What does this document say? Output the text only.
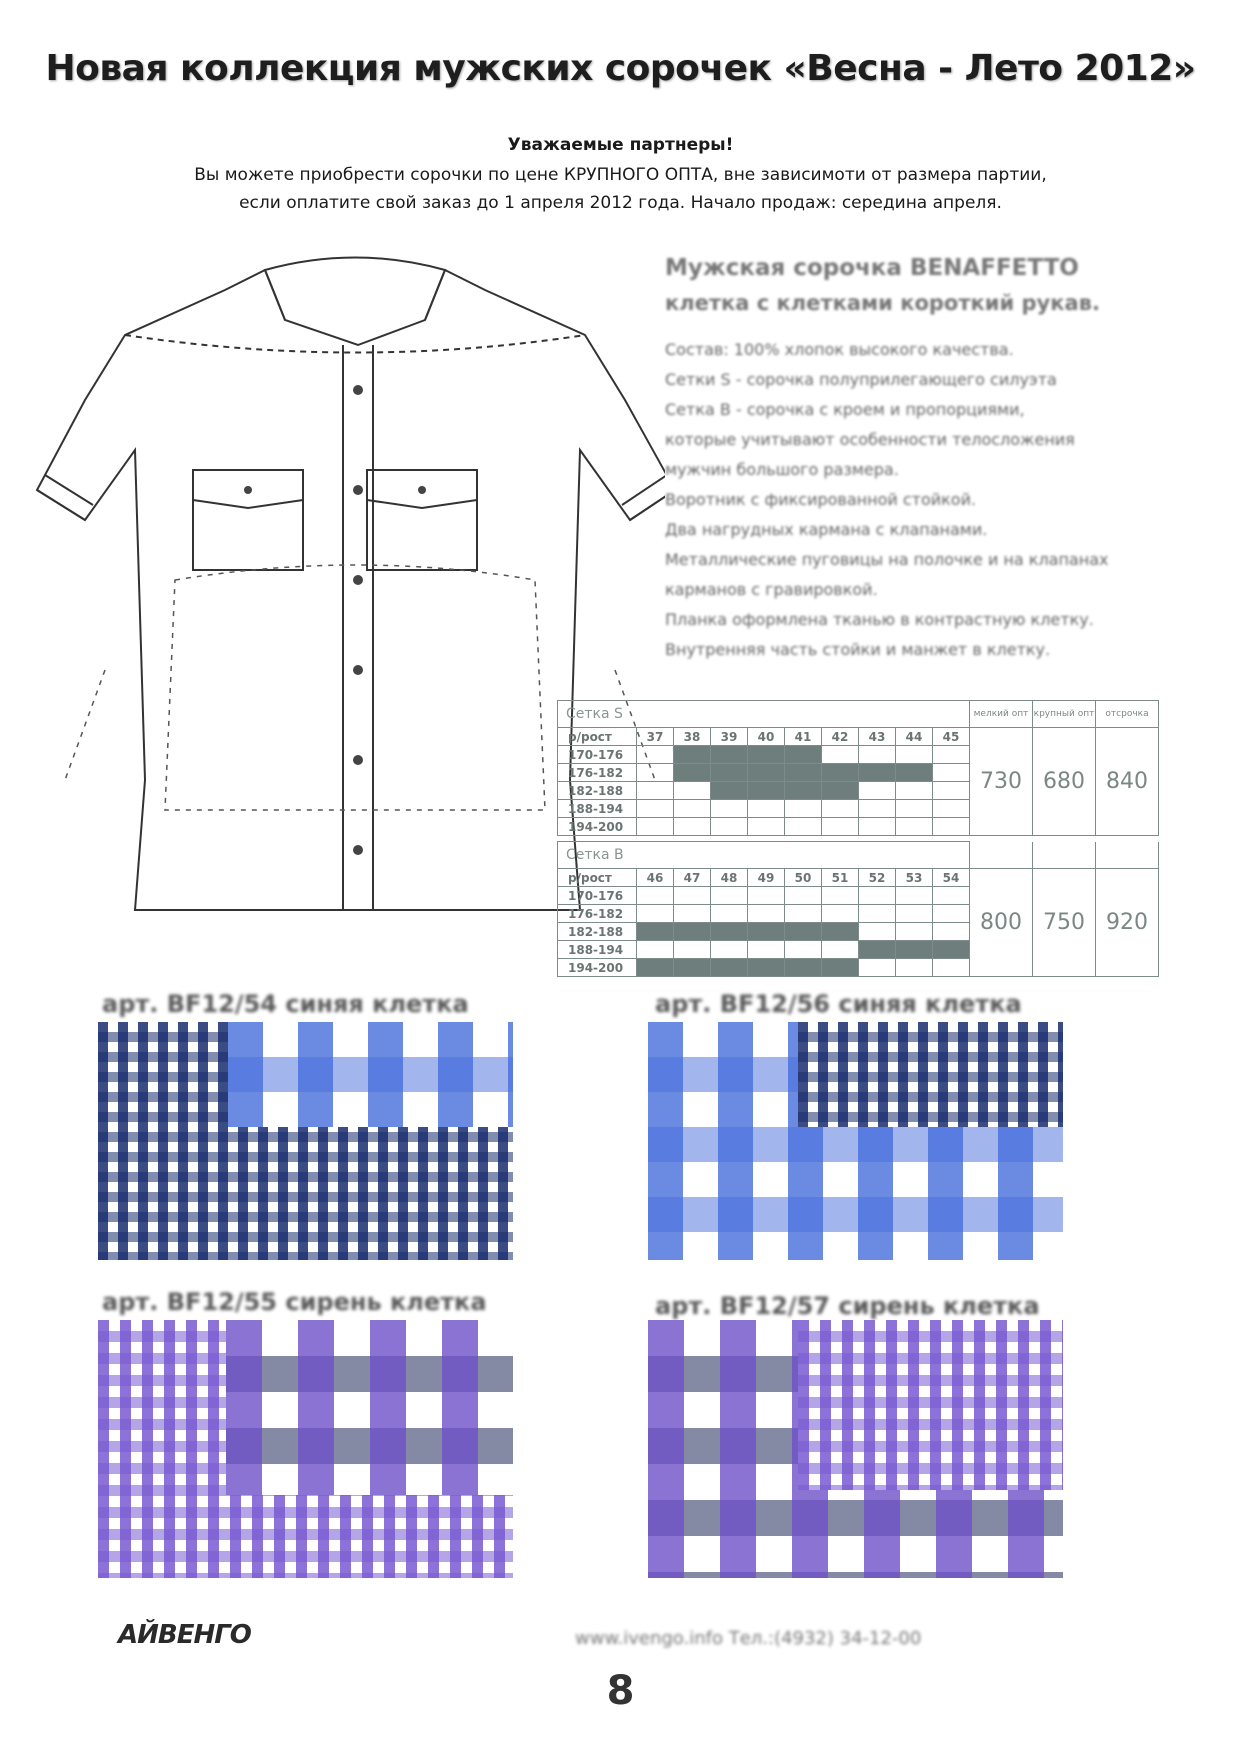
Новая коллекция мужских сорочек «Весна - Лето 2012»
Уважаемые партнеры!
Вы можете приобрести сорочки по цене КРУПНОГО ОПТА, вне зависимоти от размера партии,
если оплатите свой заказ до 1 апреля 2012 года. Начало продаж: середина апреля.
Мужская сорочка BENAFFETTO
клетка с клетками короткий рукав.
Состав: 100% хлопок высокого качества.
Сетки S - сорочка полуприлегающего силуэта
Сетка B - сорочка с кроем и пропорциями,
которые учитывают особенности телосложения
мужчин большого размера.
Воротник с фиксированной стойкой.
Два нагрудных кармана с клапанами.
Металлические пуговицы на полочке и на клапанах
карманов с гравировкой.
Планка оформлена тканью в контрастную клетку.
Внутренняя часть стойки и манжет в клетку.
Сетка S										мелкий опт	крупный опт	отсрочка
р/рост	37	38	39	40	41	42	43	44	45	730	680	840
170-176												
176-182												
182-188												
188-194												
194-200												
Сетка B												
р/рост	46	47	48	49	50	51	52	53	54	800	750	920
170-176												
176-182												
182-188												
188-194												
194-200												
арт. BF12/54 синяя клетка	арт. BF12/56 синяя клетка
арт. BF12/55 сирень клетка	арт. BF12/57 сирень клетка
АЙВЕНГО	www.ivengo.info Тел.:(4932) 34-12-00
8
